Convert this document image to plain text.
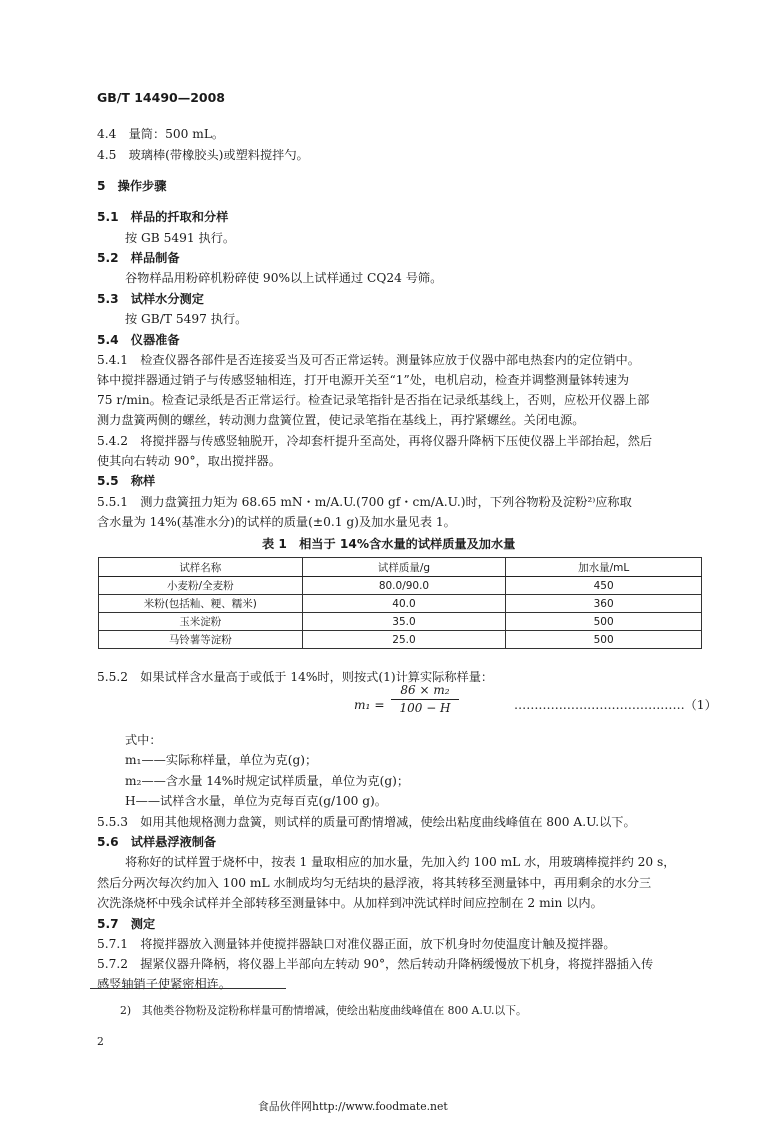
GB/T 14490—2008
4.4　量筒：500 mL。
4.5　玻璃棒(带橡胶头)或塑料搅拌勺。
5　操作步骤
5.1　样品的扦取和分样
按 GB 5491 执行。
5.2　样品制备
谷物样品用粉碎机粉碎使 90%以上试样通过 CQ24 号筛。
5.3　试样水分测定
按 GB/T 5497 执行。
5.4　仪器准备
5.4.1　检查仪器各部件是否连接妥当及可否正常运转。测量钵应放于仪器中部电热套内的定位销中。
钵中搅拌器通过销子与传感竖轴相连，打开电源开关至“1”处，电机启动，检查并调整测量钵转速为
75 r/min。检查记录纸是否正常运行。检查记录笔指针是否指在记录纸基线上，否则，应松开仪器上部
测力盘簧两侧的螺丝，转动测力盘簧位置，使记录笔指在基线上，再拧紧螺丝。关闭电源。
5.4.2　将搅拌器与传感竖轴脱开，冷却套杆提升至高处，再将仪器升降柄下压使仪器上半部抬起，然后
使其向右转动 90°，取出搅拌器。
5.5　称样
5.5.1　测力盘簧扭力矩为 68.65 mN・m/A.U.(700 gf・cm/A.U.)时，下列谷物粉及淀粉²⁾应称取
含水量为 14%(基准水分)的试样的质量(±0.1 g)及加水量见表 1。
表 1　相当于 14%含水量的试样质量及加水量
试样名称	试样质量/g	加水量/mL
小麦粉/全麦粉	80.0/90.0	450
米粉(包括籼、粳、糯米)	40.0	360
玉米淀粉	35.0	500
马铃薯等淀粉	25.0	500
5.5.2　如果试样含水量高于或低于 14%时，则按式(1)计算实际称样量：
m₁ =
86 × m₂
100 − H	……………………………………（1）
式中：
m₁——实际称样量，单位为克(g)；
m₂——含水量 14%时规定试样质量，单位为克(g)；
H——试样含水量，单位为克每百克(g/100 g)。
5.5.3　如用其他规格测力盘簧，则试样的质量可酌情增减，使绘出粘度曲线峰值在 800 A.U.以下。
5.6　试样悬浮液制备
将称好的试样置于烧杯中，按表 1 量取相应的加水量，先加入约 100 mL 水，用玻璃棒搅拌约 20 s，
然后分两次每次约加入 100 mL 水制成均匀无结块的悬浮液，将其转移至测量钵中，再用剩余的水分三
次洗涤烧杯中残余试样并全部转移至测量钵中。从加样到冲洗试样时间应控制在 2 min 以内。
5.7　测定
5.7.1　将搅拌器放入测量钵并使搅拌器缺口对准仪器正面，放下机身时勿使温度计触及搅拌器。
5.7.2　握紧仪器升降柄，将仪器上半部向左转动 90°，然后转动升降柄缓慢放下机身，将搅拌器插入传
感竖轴销子使紧密相连。
2)　其他类谷物粉及淀粉称样量可酌情增减，使绘出粘度曲线峰值在 800 A.U.以下。
2
食品伙伴网http://www.foodmate.net
